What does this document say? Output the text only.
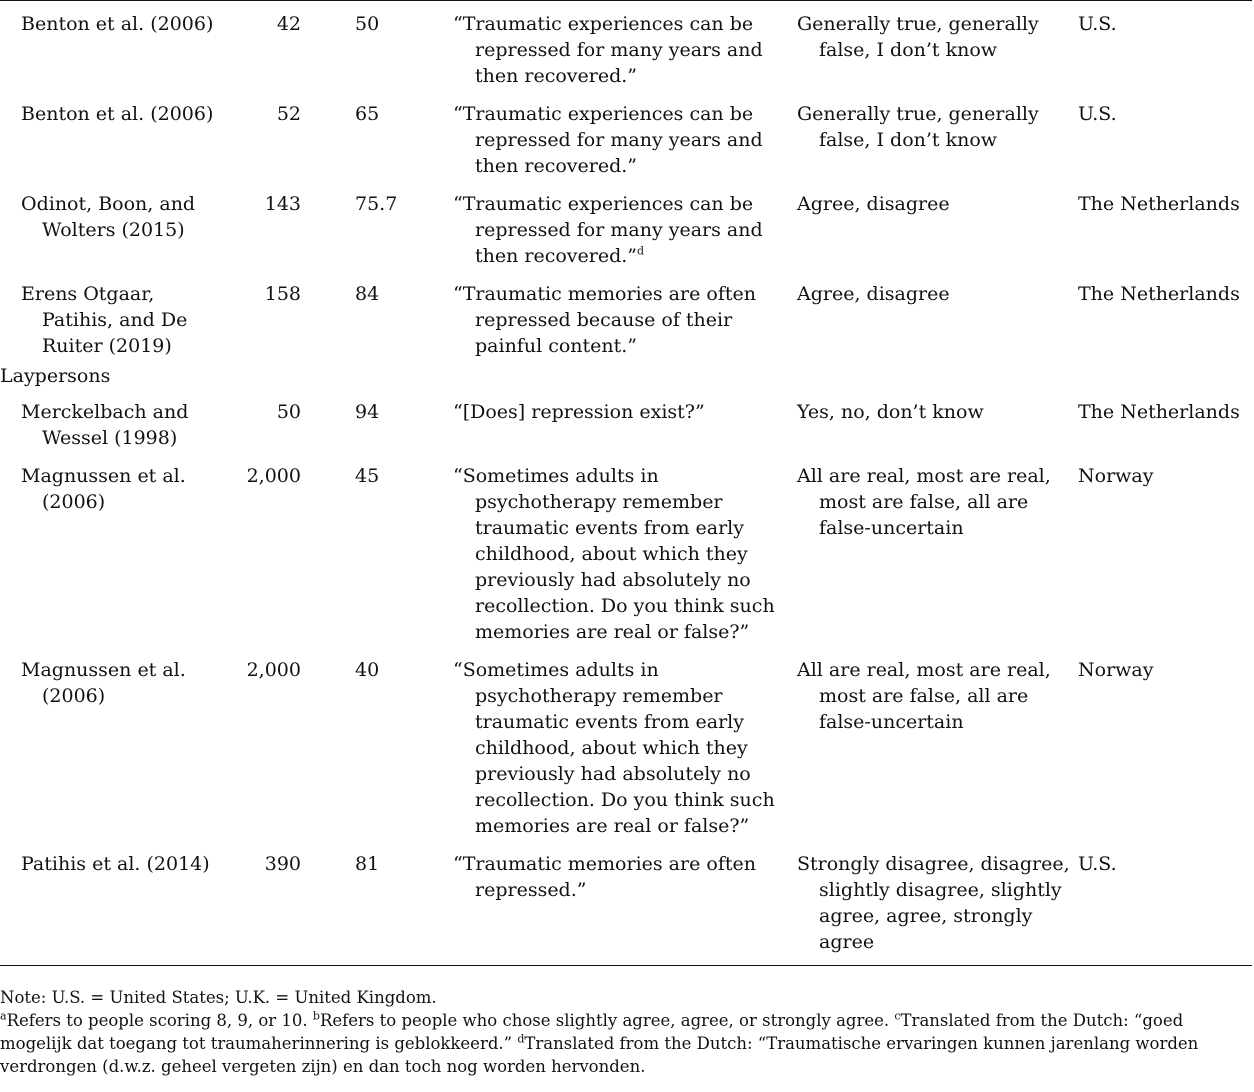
Benton et al. (2006)	42	50	“Traumatic experiences can be repressed for many years and then recovered.”	Generally true, generally false, I don’t know	U.S.
Benton et al. (2006)	52	65	“Traumatic experiences can be repressed for many years and then recovered.”	Generally true, generally false, I don’t know	U.S.
Odinot, Boon, and Wolters (2015)	143	75.7	“Traumatic experiences can be repressed for many years and then recovered.”$^d$	Agree, disagree	The Netherlands
Erens Otgaar, Patihis, and De Ruiter (2019)	158	84	“Traumatic memories are often repressed because of their painful content.”	Agree, disagree	The Netherlands
Laypersons					
Merckelbach and Wessel (1998)	50	94	“[Does] repression exist?”	Yes, no, don’t know	The Netherlands
Magnussen et al. (2006)	2,000	45	“Sometimes adults in psychotherapy remember traumatic events from early childhood, about which they previously had absolutely no recollection. Do you think such memories are real or false?”	All are real, most are real, most are false, all are false-uncertain	Norway
Magnussen et al. (2006)	2,000	40	“Sometimes adults in psychotherapy remember traumatic events from early childhood, about which they previously had absolutely no recollection. Do you think such memories are real or false?”	All are real, most are real, most are false, all are false-uncertain	Norway
Patihis et al. (2014)	390	81	“Traumatic memories are often repressed.”	Strongly disagree, disagree, slightly disagree, slightly agree, agree, strongly agree	U.S.

Note: U.S. = United States; U.K. = United Kingdom.

$^a$Refers to people scoring 8, 9, or 10. $^b$Refers to people who chose slightly agree, agree, or strongly agree. $^c$Translated from the Dutch: “goed mogelijk dat toegang tot traumaherinnering is geblokkeerd.” $^d$Translated from the Dutch: “Traumatische ervaringen kunnen jarenlang worden verdrongen (d.w.z. geheel vergeten zijn) en dan toch nog worden hervonden.
